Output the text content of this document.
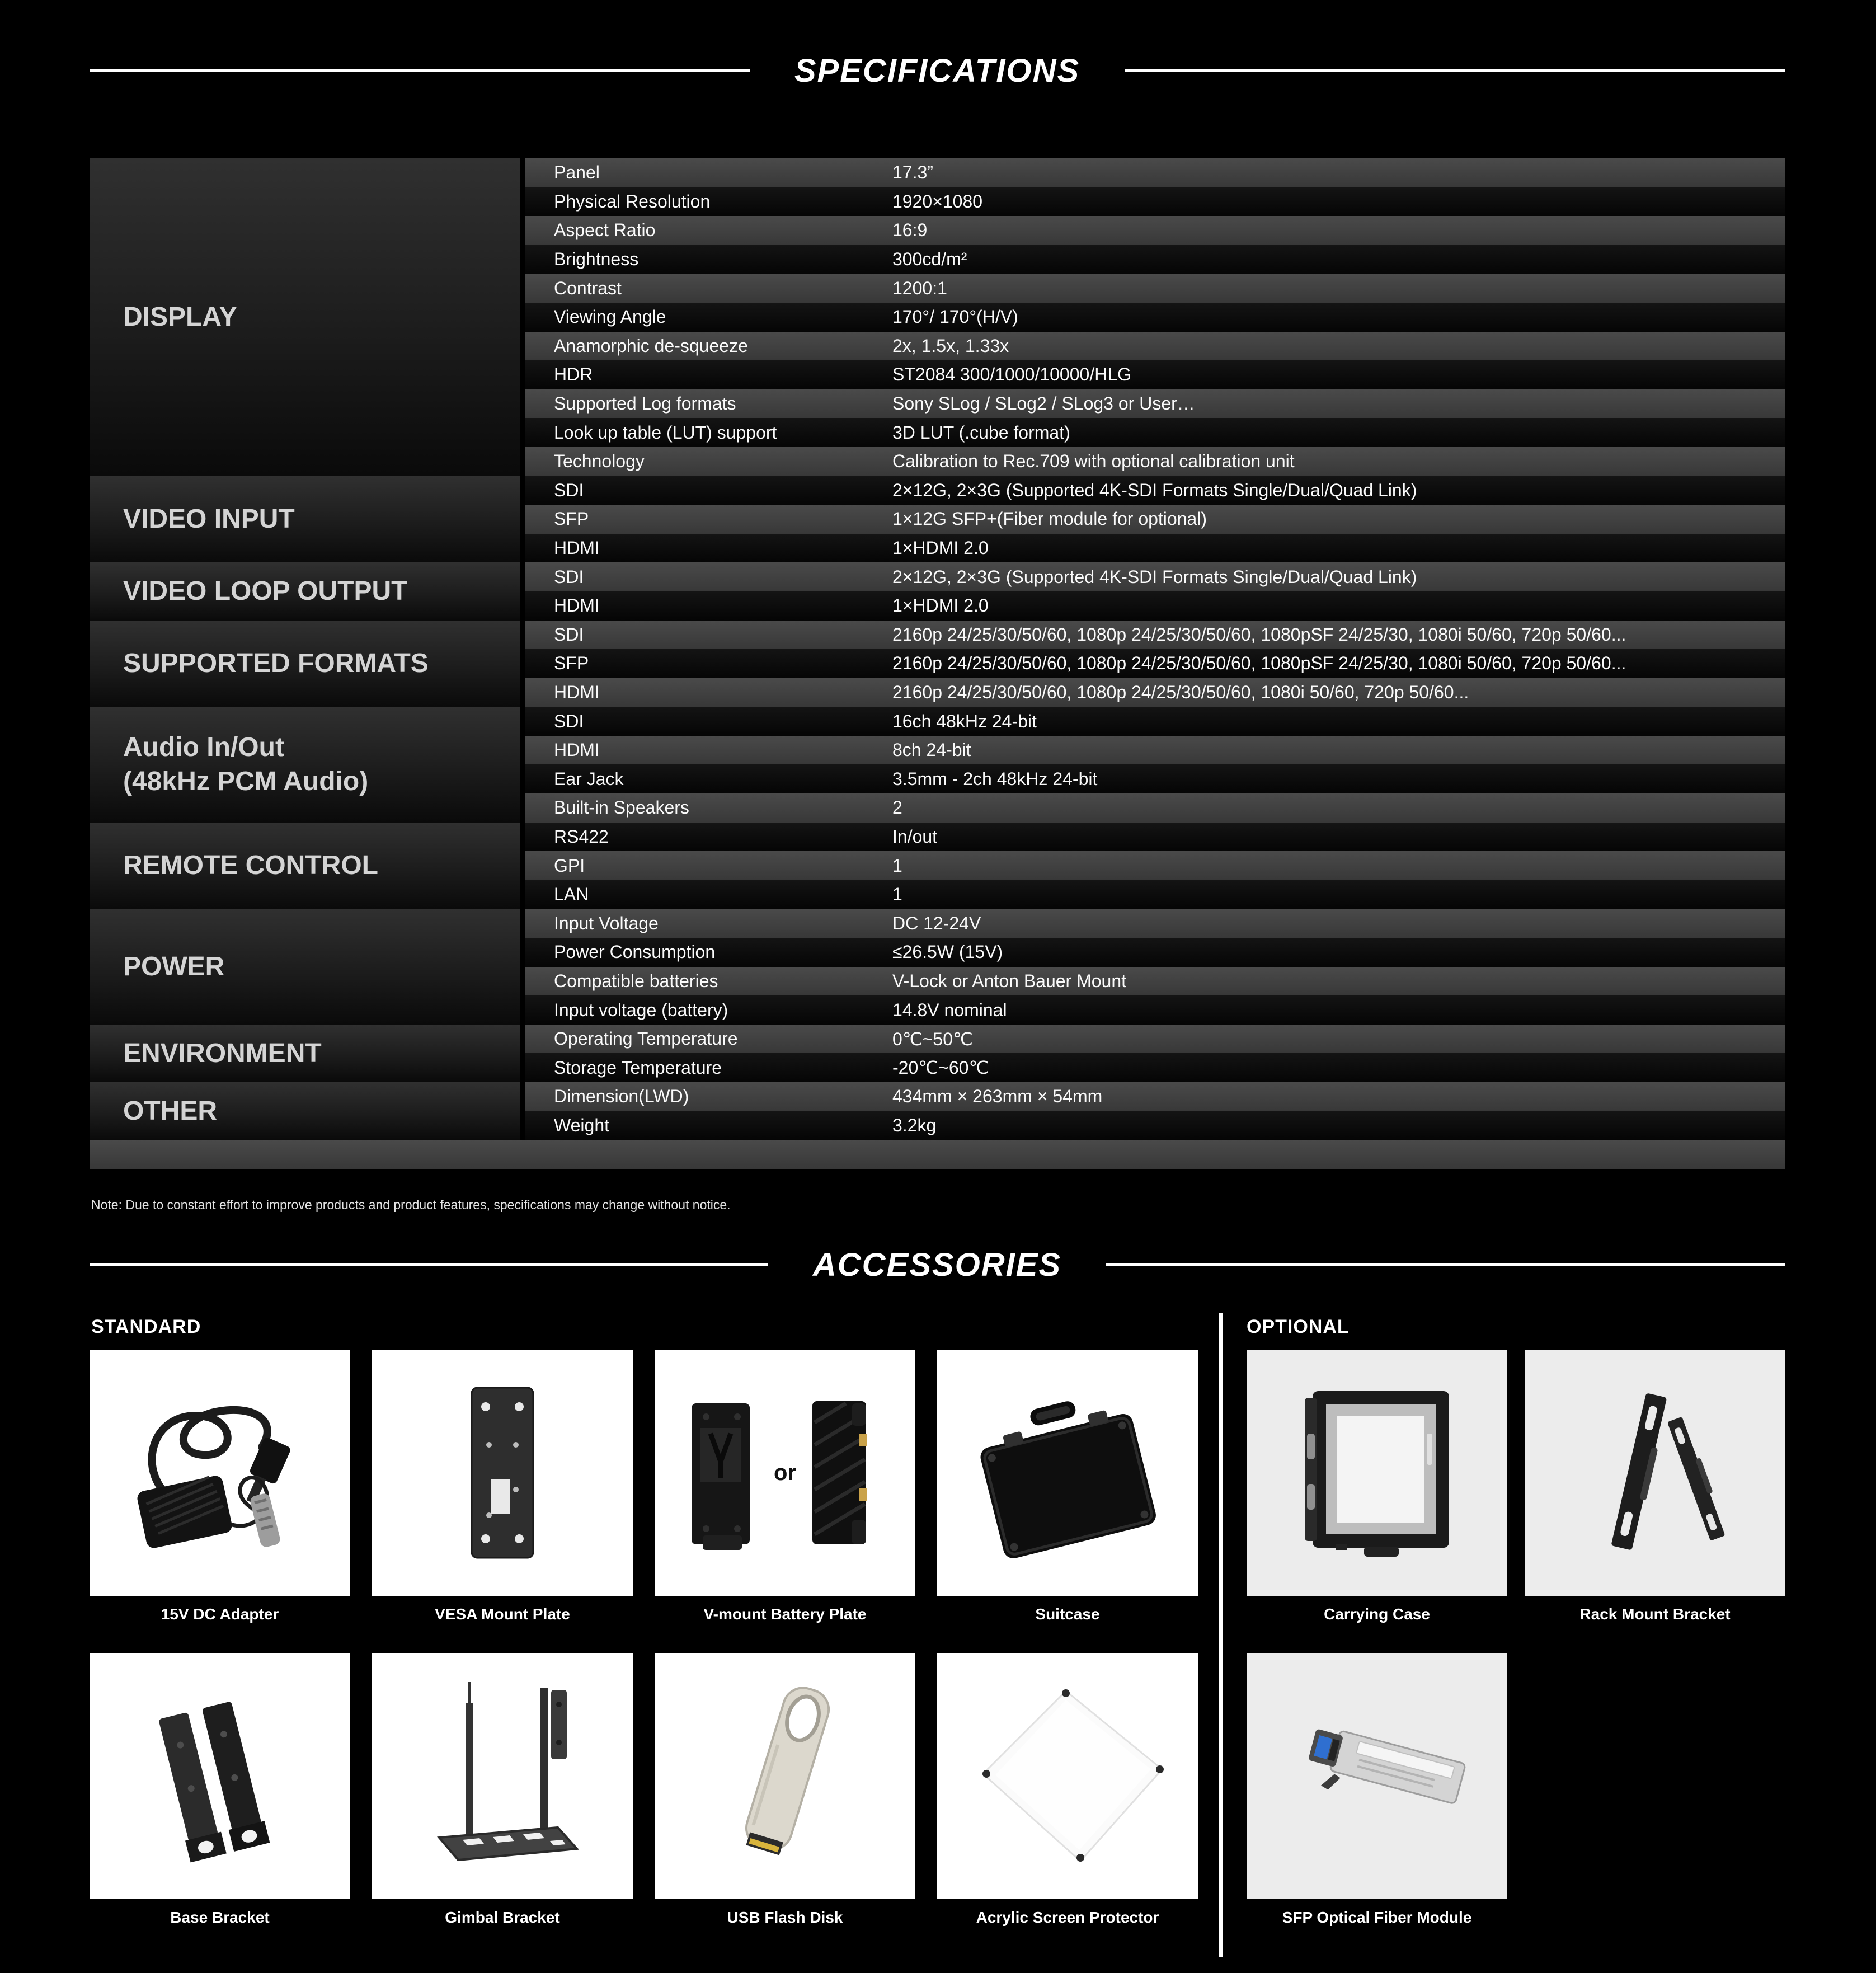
SPECIFICATIONS
DISPLAY
Panel	17.3”
Physical Resolution	1920×1080
Aspect Ratio	16:9
Brightness	300cd/m²
Contrast	1200:1
Viewing Angle	170°/ 170°(H/V)
Anamorphic de-squeeze	2x, 1.5x, 1.33x
HDR	ST2084 300/1000/10000/HLG
Supported Log formats	Sony SLog / SLog2 / SLog3 or User…
Look up table (LUT) support	3D LUT (.cube format)
Technology	Calibration to Rec.709 with optional calibration unit
VIDEO INPUT
SDI	2×12G, 2×3G (Supported 4K-SDI Formats Single/Dual/Quad Link)
SFP	1×12G SFP+(Fiber module for optional)
HDMI	1×HDMI 2.0
VIDEO LOOP OUTPUT	SDI	2×12G, 2×3G (Supported 4K-SDI Formats Single/Dual/Quad Link)
HDMI	1×HDMI 2.0
SUPPORTED FORMATS
SDI	2160p 24/25/30/50/60, 1080p 24/25/30/50/60, 1080pSF 24/25/30, 1080i 50/60, 720p 50/60...
SFP	2160p 24/25/30/50/60, 1080p 24/25/30/50/60, 1080pSF 24/25/30, 1080i 50/60, 720p 50/60...
HDMI	2160p 24/25/30/50/60, 1080p 24/25/30/50/60, 1080i 50/60, 720p 50/60...
Audio In/Out
(48kHz PCM Audio)
SDI	16ch 48kHz 24-bit
HDMI	8ch 24-bit
Ear Jack	3.5mm - 2ch 48kHz 24-bit
Built-in Speakers	2
REMOTE CONTROL
RS422	In/out
GPI	1
LAN	1
POWER
Input Voltage	DC 12-24V
Power Consumption	≤26.5W (15V)
Compatible batteries	V-Lock or Anton Bauer Mount
Input voltage (battery)	14.8V nominal
ENVIRONMENT	Operating Temperature	0℃~50℃
Storage Temperature	-20℃~60℃
OTHER	Dimension(LWD)	434mm × 263mm × 54mm
Weight	3.2kg
Note: Due to constant effort to improve products and product features, specifications may change without notice.
ACCESSORIES
STANDARD	OPTIONAL
15V DC Adapter	VESA Mount Plate
or
V-mount Battery Plate	Suitcase
Base Bracket	Gimbal Bracket	USB Flash Disk	Acrylic Screen Protector
Carrying Case	Rack Mount Bracket
SFP Optical Fiber Module
